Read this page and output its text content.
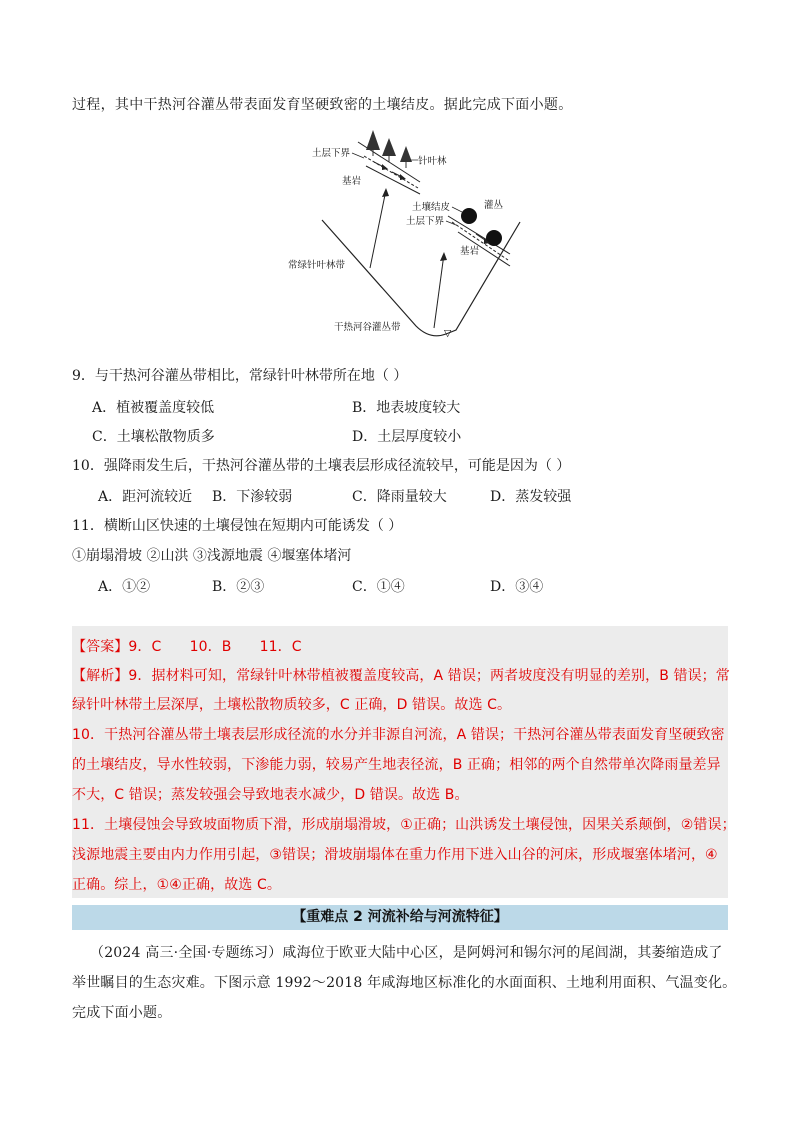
过程，其中干热河谷灌丛带表面发育坚硬致密的土壤结皮。据此完成下面小题。
▽
土层下界
针叶林
基岩
土壤结皮	灌丛
土层下界
基岩
常绿针叶林带
干热河谷灌丛带
9．与干热河谷灌丛带相比，常绿针叶林带所在地（ ）
A．植被覆盖度较低	B．地表坡度较大
C．土壤松散物质多	D．土层厚度较小
10．强降雨发生后，干热河谷灌丛带的土壤表层形成径流较早，可能是因为（ ）
A．距河流较近 B．下渗较弱	C．降雨量较大	D．蒸发较强
11．横断山区快速的土壤侵蚀在短期内可能诱发（ ）
①崩塌滑坡 ②山洪 ③浅源地震 ④堰塞体堵河
A．①②	B．②③	C．①④	D．③④
【答案】9．C　　10．B　　11．C
【解析】9．据材料可知，常绿针叶林带植被覆盖度较高，A 错误；两者坡度没有明显的差别，B 错误；常
绿针叶林带土层深厚，土壤松散物质较多，C 正确，D 错误。故选 C。
10．干热河谷灌丛带土壤表层形成径流的水分并非源自河流，A 错误；干热河谷灌丛带表面发育坚硬致密
的土壤结皮，导水性较弱，下渗能力弱，较易产生地表径流，B 正确；相邻的两个自然带单次降雨量差异
不大，C 错误；蒸发较强会导致地表水减少，D 错误。故选 B。
11．土壤侵蚀会导致坡面物质下滑，形成崩塌滑坡，①正确；山洪诱发土壤侵蚀，因果关系颠倒，②错误；
浅源地震主要由内力作用引起，③错误；滑坡崩塌体在重力作用下进入山谷的河床，形成堰塞体堵河，④
正确。综上，①④正确，故选 C。
【重难点 2 河流补给与河流特征】
（2024 高三·全国·专题练习）咸海位于欧亚大陆中心区，是阿姆河和锡尔河的尾闾湖，其萎缩造成了
举世瞩目的生态灾难。下图示意 1992～2018 年咸海地区标准化的水面面积、土地利用面积、气温变化。
完成下面小题。
